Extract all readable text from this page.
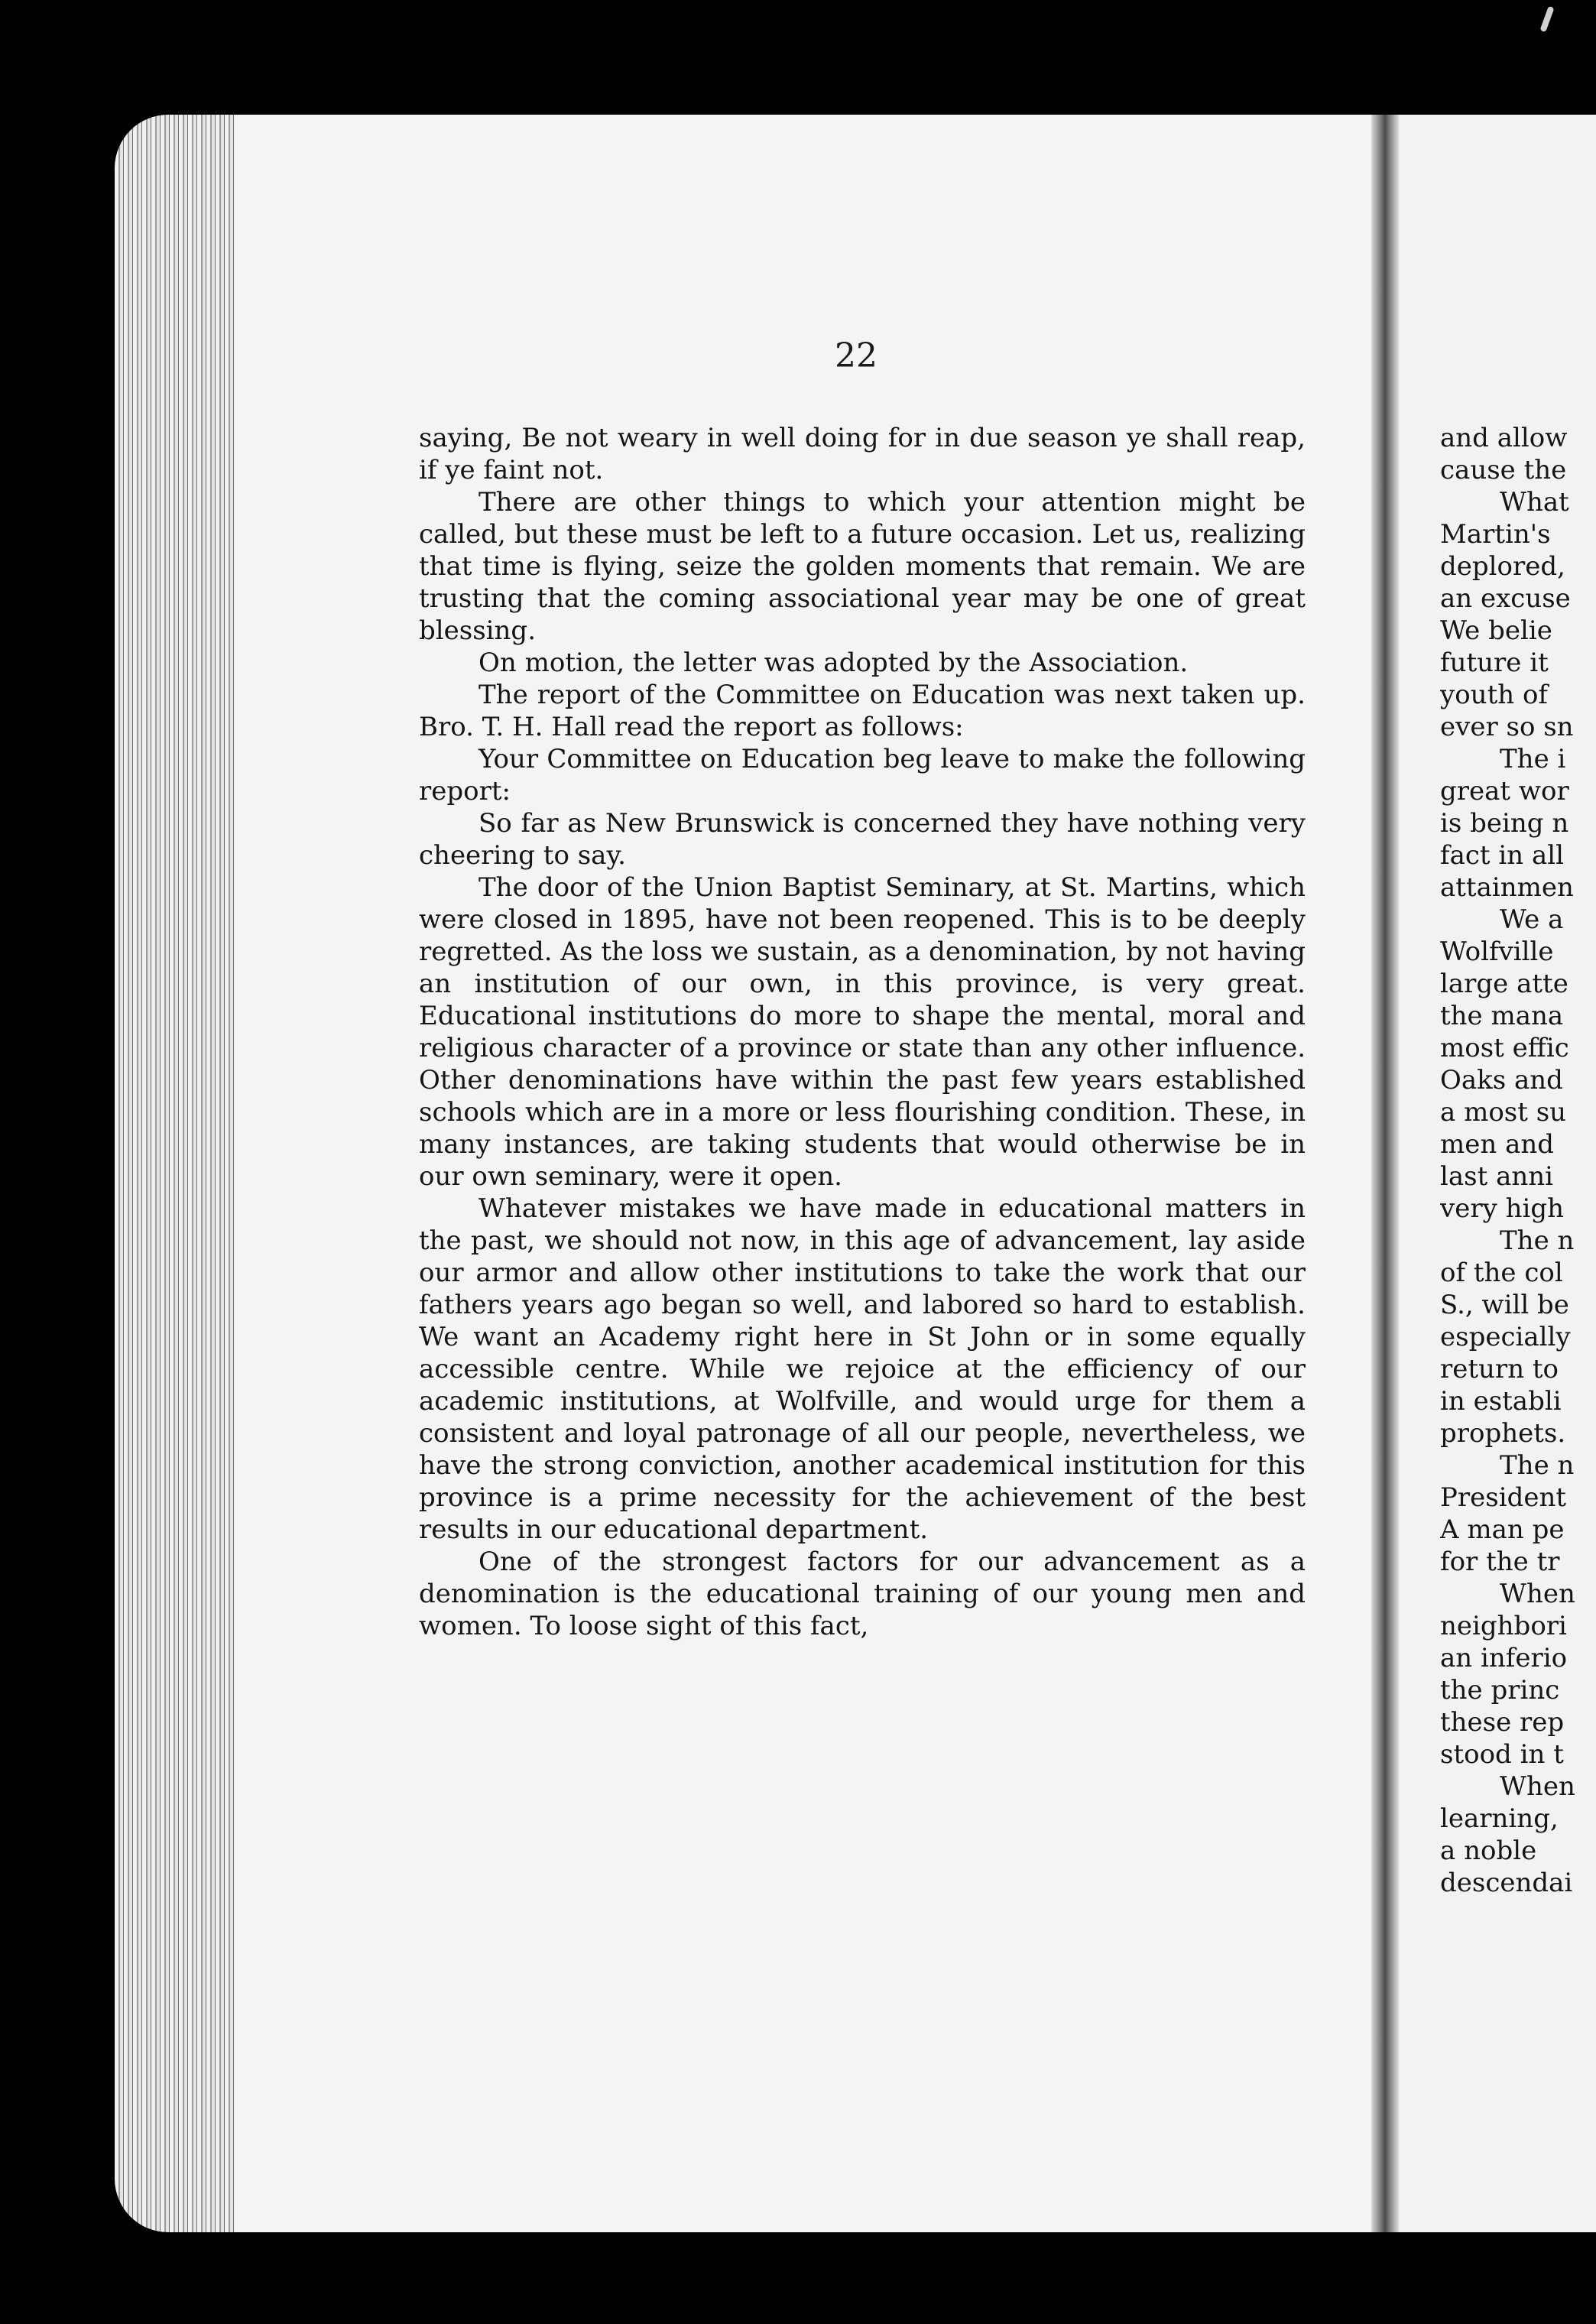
22

saying, Be not weary in well doing for in due season ye shall reap, if ye faint not.

There are other things to which your attention might be called, but these must be left to a future occasion. Let us, realizing that time is flying, seize the golden moments that remain. We are trusting that the coming associational year may be one of great blessing.

On motion, the letter was adopted by the Association.

The report of the Committee on Education was next taken up. Bro. T. H. Hall read the report as follows:

Your Committee on Education beg leave to make the following report:

So far as New Brunswick is concerned they have nothing very cheering to say.

The door of the Union Baptist Seminary, at St. Martins, which were closed in 1895, have not been reopened. This is to be deeply regretted. As the loss we sustain, as a denomination, by not having an institution of our own, in this province, is very great. Educational institutions do more to shape the mental, moral and religious character of a province or state than any other influence. Other denominations have within the past few years established schools which are in a more or less flourishing condition. These, in many instances, are taking students that would otherwise be in our own seminary, were it open.

Whatever mistakes we have made in educational matters in the past, we should not now, in this age of advancement, lay aside our armor and allow other institutions to take the work that our fathers years ago began so well, and labored so hard to establish. We want an Academy right here in St John or in some equally accessible centre. While we rejoice at the efficiency of our academic institutions, at Wolfville, and would urge for them a consistent and loyal patronage of all our people, nevertheless, we have the strong conviction, another academical institution for this province is a prime necessity for the achievement of the best results in our educational department.

One of the strongest factors for our advancement as a denomination is the educational training of our young men and women. To loose sight of this fact,

and allow
cause the
What
Martin's
deplored,
an excuse
We belie
future it
youth of
ever so sn
The i
great wor
is being n
fact in all
attainmen
We a
Wolfville
large atte
the mana
most effic
Oaks and
a most su
men and
last anni
very high
The n
of the col
S., will be
especially
return to
in establi
prophets.
The n
President
A man pe
for the tr
When
neighbori
an inferio
the princ
these rep
stood in t
When
learning,
a noble
descendai
